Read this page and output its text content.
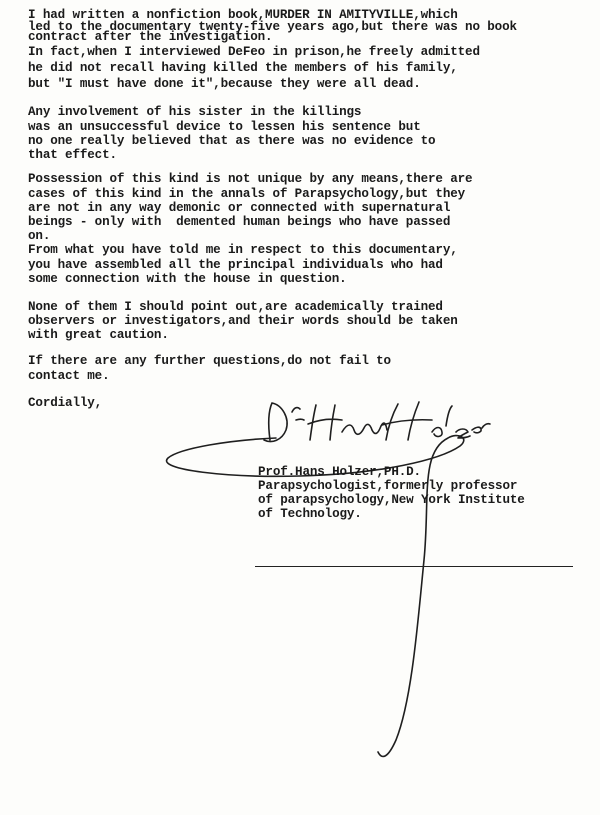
I had written a nonfiction book,MURDER IN AMITYVILLE,which
led to the documentary twenty-five years ago,but there was no book
contract after the investigation.
In fact,when I interviewed DeFeo in prison,he freely admitted
he did not recall having killed the members of his family,
but "I must have done it",because they were all dead.
Any involvement of his sister in the killings
was an unsuccessful device to lessen his sentence but
no one really believed that as there was no evidence to
that effect.
Possession of this kind is not unique by any means,there are
cases of this kind in the annals of Parapsychology,but they
are not in any way demonic or connected with supernatural
beings - only with  demented human beings who have passed
on.
From what you have told me in respect to this documentary,
you have assembled all the principal individuals who had
some connection with the house in question.
None of them I should point out,are academically trained
observers or investigators,and their words should be taken
with great caution.
If there are any further questions,do not fail to
contact me.
Cordially,
Prof.Hans Holzer,PH.D.
Parapsychologist,formerly professor
of parapsychology,New York Institute
of Technology.
